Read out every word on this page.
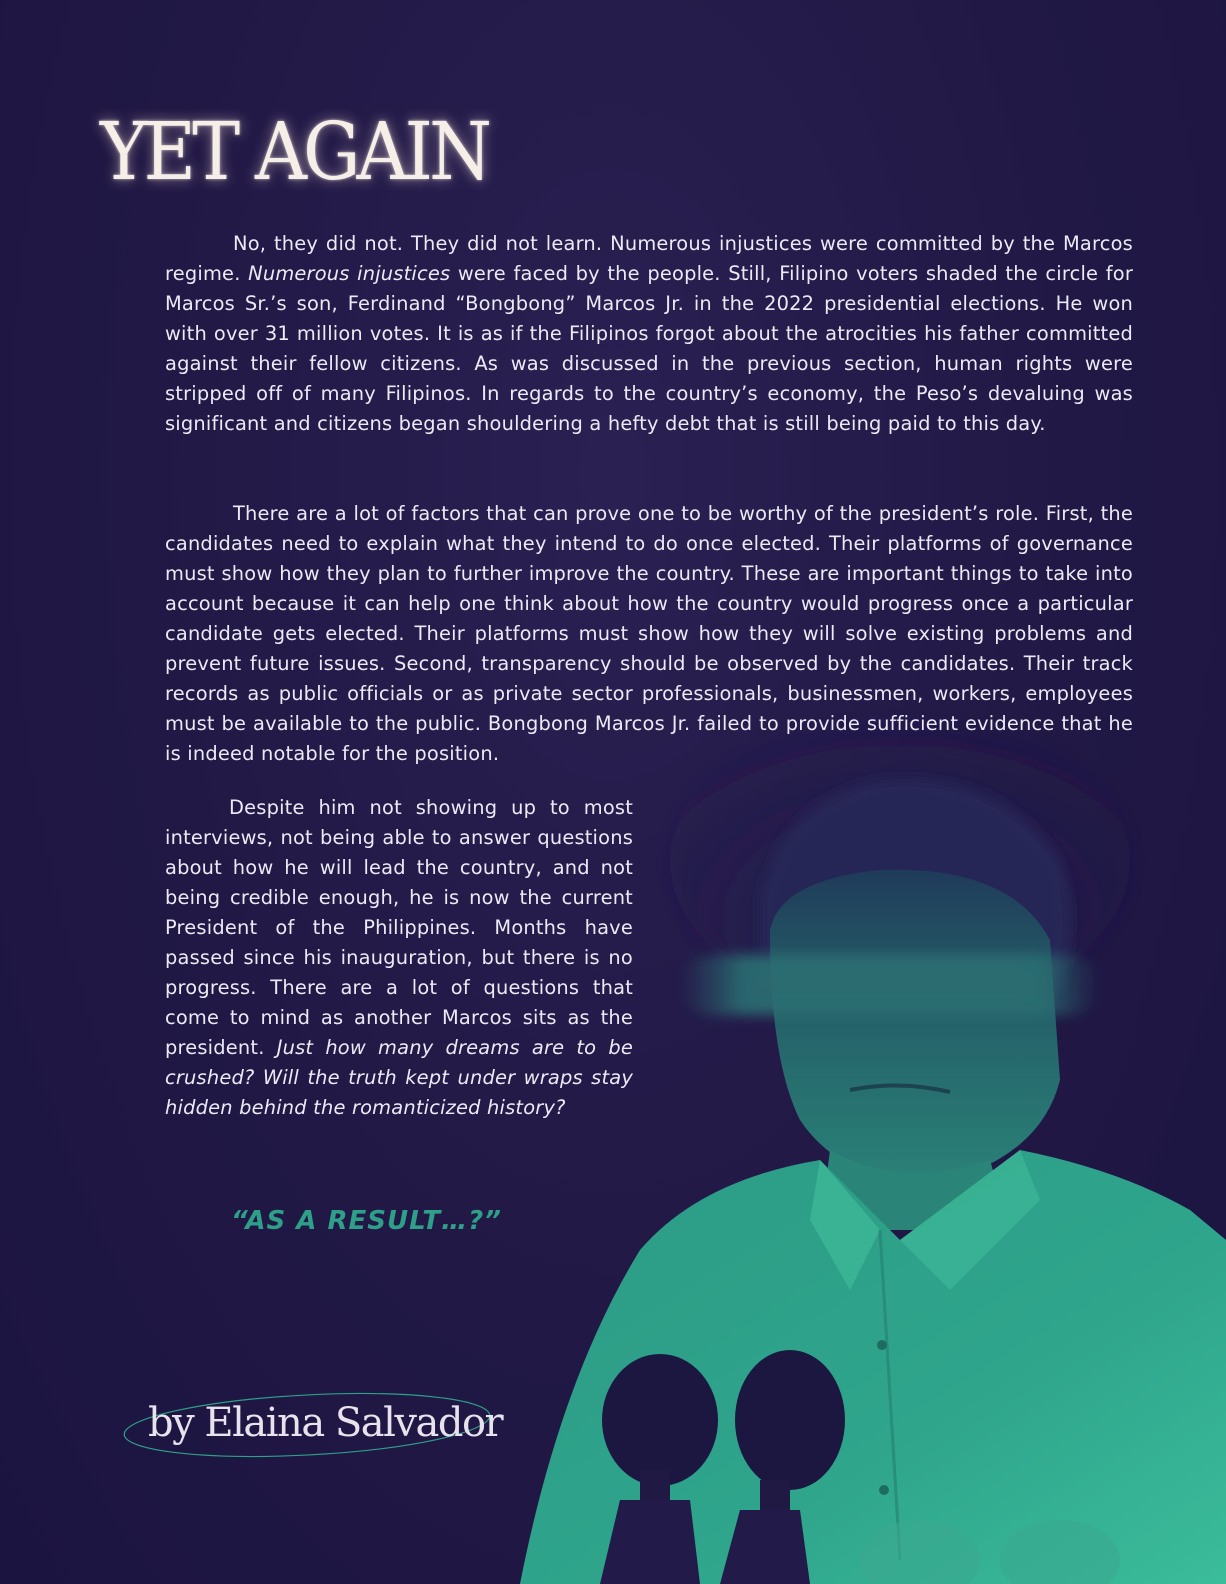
YET AGAIN

No, they did not. They did not learn. Numerous injustices were committed by the Marcos regime. Numerous injustices were faced by the people. Still, Filipino voters shaded the circle for Marcos Sr.’s son, Ferdinand “Bongbong” Marcos Jr. in the 2022 presidential elections. He won with over 31 million votes. It is as if the Filipinos forgot about the atrocities his father committed against their fellow citizens. As was discussed in the previous section, human rights were stripped off of many Filipinos. In regards to the country’s economy, the Peso’s devaluing was significant and citizens began shouldering a hefty debt that is still being paid to this day.

There are a lot of factors that can prove one to be worthy of the president’s role. First, the candidates need to explain what they intend to do once elected. Their platforms of governance must show how they plan to further improve the country. These are important things to take into account because it can help one think about how the country would progress once a particular candidate gets elected. Their platforms must show how they will solve existing problems and prevent future issues. Second, transparency should be observed by the candidates. Their track records as public officials or as private sector professionals, businessmen, workers, employees must be available to the public. Bongbong Marcos Jr. failed to provide sufficient evidence that he is indeed notable for the position.

Despite him not showing up to most interviews, not being able to answer questions about how he will lead the country, and not being credible enough, he is now the current President of the Philippines. Months have passed since his inauguration, but there is no progress. There are a lot of questions that come to mind as another Marcos sits as the president. Just how many dreams are to be crushed? Will the truth kept under wraps stay hidden behind the romanticized history?

“AS A RESULT…?”

by Elaina Salvador
